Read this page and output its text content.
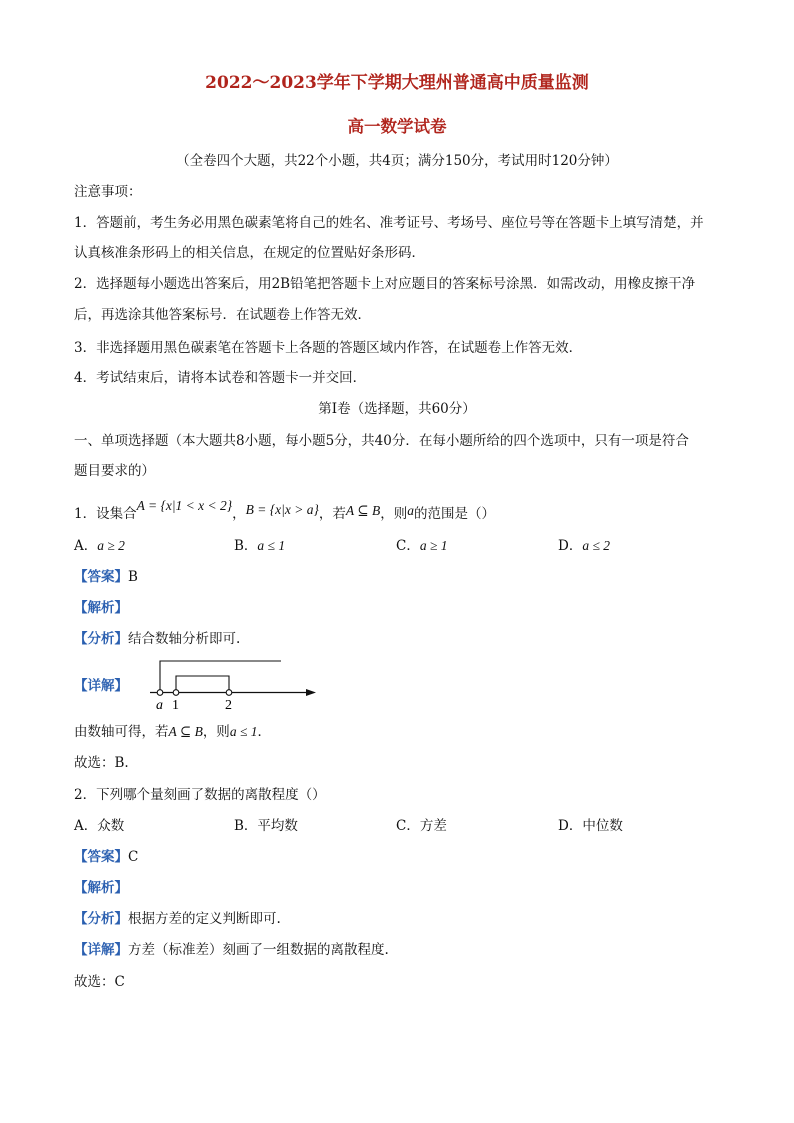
2022～2023学年下学期大理州普通高中质量监测
高一数学试卷
（全卷四个大题，共22个小题，共4页；满分150分，考试用时120分钟）
注意事项：
1．答题前，考生务必用黑色碳素笔将自己的姓名、准考证号、考场号、座位号等在答题卡上填写清楚，并
认真核准条形码上的相关信息，在规定的位置贴好条形码．
2．选择题每小题选出答案后，用2B铅笔把答题卡上对应题目的答案标号涂黑．如需改动，用橡皮擦干净
后，再选涂其他答案标号．在试题卷上作答无效．
3．非选择题用黑色碳素笔在答题卡上各题的答题区域内作答，在试题卷上作答无效．
4．考试结束后，请将本试卷和答题卡一并交回．
第Ⅰ卷（选择题，共60分）
一、单项选择题（本大题共8小题，每小题5分，共40分．在每小题所给的四个选项中，只有一项是符合
题目要求的）
1．设集合A = {x|1 < x < 2}，B = {x|x > a}，若A ⊆ B，则a的范围是（）
A．a ≥ 2	B．a ≤ 1	C．a ≥ 1	D．a ≤ 2
【答案】B
【解析】
【分析】结合数轴分析即可.
【详解】
a 1	2
由数轴可得，若A ⊆ B，则a ≤ 1．
故选：B.
2．下列哪个量刻画了数据的离散程度（）
A．众数	B．平均数	C．方差	D．中位数
【答案】C
【解析】
【分析】根据方差的定义判断即可.
【详解】方差（标准差）刻画了一组数据的离散程度.
故选：C
